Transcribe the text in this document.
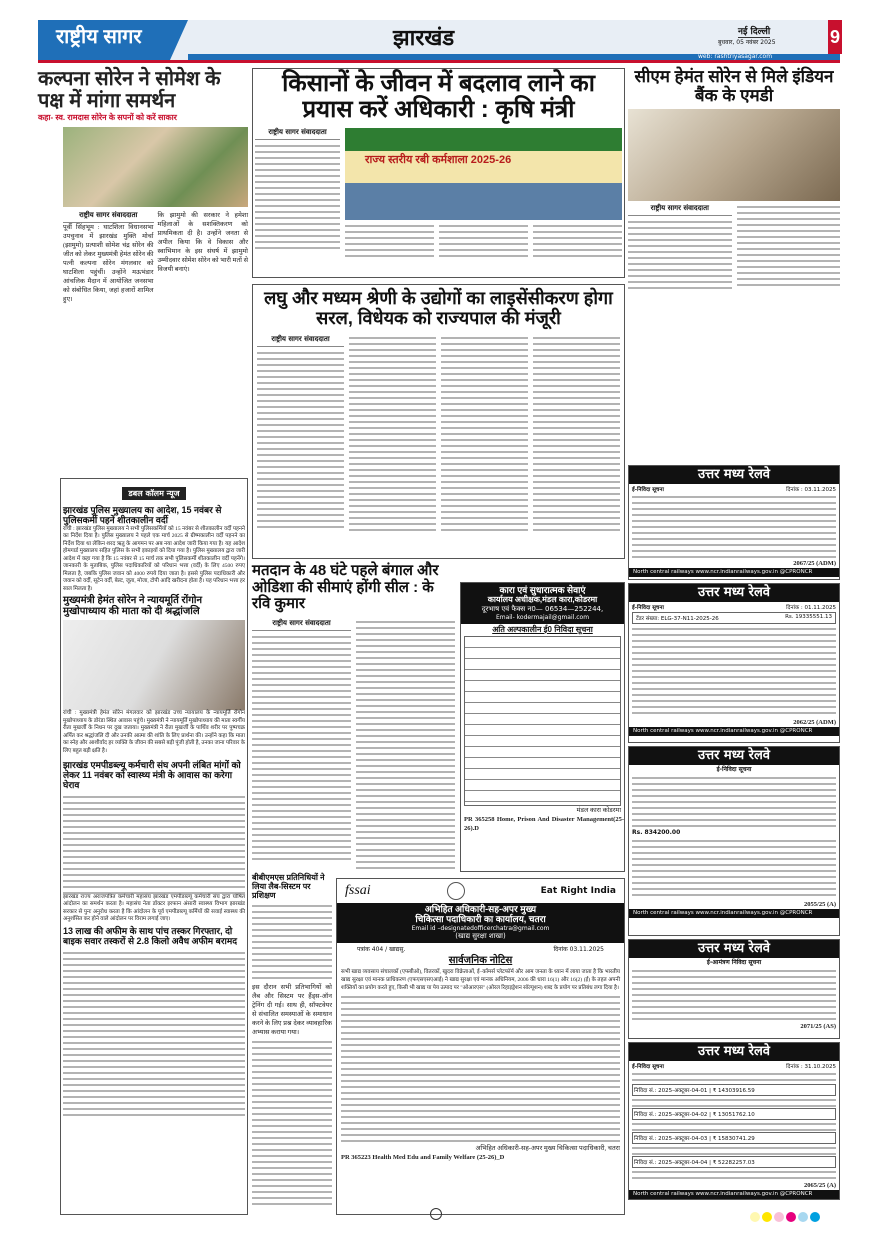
राष्ट्रीय सागर	झारखंड	नई दिल्ली
बुधवार, 05 नवंबर 2025
web: rashtriyasagar.com
9
कल्पना सोरेन ने सोमेश के पक्ष में मांगा समर्थन
कहा- स्व. रामदास सोरेन के सपनों को करें साकार
राष्ट्रीय सागर संवाददाता
पूर्वी सिंहभूम : घाटशिला विधानसभा उपचुनाव में झारखंड मुक्ति मोर्चा (झामुमो) प्रत्याशी सोमेश चंद्र सोरेन की जीत को लेकर मुख्यमंत्री हेमंत सोरेन की पत्नी कल्पना सोरेन मंगलवार को घाटशिला पहुंचीं। उन्होंने मऊभंडार आंचलिक मैदान में आयोजित जनसभा को संबोधित किया, जहां हजारों शामिल हुए।
कि झामुमो की सरकार ने हमेशा महिलाओं के सशक्तिकरण को प्राथमिकता दी है। उन्होंने जनता से अपील किया कि वे विकास और स्वाभिमान के इस संघर्ष में झामुमो उम्मीदवार सोमेश सोरेन को भारी मतों से विजयी बनाएं।
डबल कॉलम न्यूज
झारखंड पुलिस मुख्यालय का आदेश, 15 नवंबर से पुलिसकर्मी पहनें शीतकालीन वर्दी
रांची : झारखंड पुलिस मुख्यालय ने सभी पुलिसकर्मियों को 15 नवंबर से शीतकालीन वर्दी पहनने का निर्देश दिया है। पुलिस मुख्यालय ने पहले एक मार्च 2025 से ग्रीष्मकालीन वर्दी पहनने का निर्देश दिया था लेकिन शरद ऋतु के आगमन पर अब नया आदेश जारी किया गया है। यह आदेश होमगार्ड मुख्यालय सहित पुलिस के सभी इकाइयों को दिया गया है। पुलिस मुख्यालय द्वारा जारी आदेश में कहा गया है कि 15 नवंबर से 15 मार्च तक सभी पुलिसकर्मी शीतकालीन वर्दी पहनेंगे। जानकारी के मुताबिक, पुलिस पदाधिकारियों को परिधान भत्ता (वर्दी) के लिए 4500 रुपए मिलता है, जबकि पुलिस जवान को 4000 रुपये दिया जाता है। इससे पुलिस पदाधिकारी और जवान को वर्दी, सूटेन वर्दी, बेल्ट, जूता, मोजा, टोपी आदि खरीदना होता है। यह परिधान भत्ता हर साल मिलता है।
मुख्यमंत्री हेमंत सोरेन ने न्यायमूर्ति रोंगोन मुखोपाध्याय की माता को दी श्रद्धांजलि
रांची : मुख्यमंत्री हेमंत सोरेन मंगलवार को झारखंड उच्च न्यायालय के न्यायमूर्ति रोंगोन मुखोपाध्याय के डोरंडा स्थित आवास पहुंचे। मुख्यमंत्री ने न्यायमूर्ति मुखोपाध्याय की माता स्वर्गीय रीता मुखर्जी के निधन पर दुख जताया। मुख्यमंत्री ने रीता मुखर्जी के पार्थिव शरीर पर पुष्पचक्र अर्पित कर श्रद्धांजलि दी और उनकी आत्मा की शांति के लिए प्रार्थना की। उन्होंने कहा कि माता का स्नेह और आशीर्वाद हर व्यक्ति के जीवन की सबसे बड़ी पूंजी होती है, उनका जाना परिवार के लिए बहुत बड़ी क्षति है।
झारखंड एमपीडब्ल्यू कर्मचारी संघ अपनी लंबित मांगों को लेकर 11 नवंबर को स्वास्थ्य मंत्री के आवास का करेगा घेराव
झारखंड राज्य अराजपत्रित कर्मचारी महासंघ झारखंड एमपीडब्ल्यू कर्मचारी संघ द्वारा घोषित आंदोलन का समर्थन करता है। महासंघ नेता डॉक्टर इरफान अंसारी स्वास्थ्य विभाग झारखंड सरकार से पुनः अनुरोध करता है कि आंदोलन के पूर्व एमपीडब्ल्यू कर्मियों की सवाई स्वास्थ्य की अनुशंसित कर होने वाले आंदोलन पर विराम लगाई जाए।
13 लाख की अफीम के साथ पांच तस्कर गिरफ्तार, दो बाइक सवार तस्करों से 2.8 किलो अवैध अफीम बरामद
किसानों के जीवन में बदलाव लाने का प्रयास करें अधिकारी : कृषि मंत्री
राष्ट्रीय सागर संवाददाता
राज्य स्तरीय रबी कर्मशाला 2025-26
लघु और मध्यम श्रेणी के उद्योगों का लाइसेंसीकरण होगा सरल, विधेयक को राज्यपाल की मंजूरी
राष्ट्रीय सागर संवाददाता
मतदान के 48 घंटे पहले बंगाल और ओडिशा की सीमाएं होंगी सील : के रवि कुमार
राष्ट्रीय सागर संवाददाता
कारा एवं सुधारात्मक सेवाएं
कार्यालय अधीक्षक,मंडल कारा,कोडरमा
दूरभाष एवं फैक्स न0— 06534—252244,
Email- kodermajail@gmail.com
अति अल्पकालीन ई0 निविदा सूचना
मंडल कारा कोडरमा
PR 365258 Home, Prison And Disaster Management(25-26).D
बीबीएमएस प्रतिनिधियों ने लिया लैब-सिस्टम पर प्रशिक्षण
इस दौरान सभी प्रतिभागियों को लैब और सिस्टम पर हैंड्स-ऑन ट्रेनिंग दी गई। साथ ही, सॉफ्टवेयर से संचालित समस्याओं के समाधान करने के लिए प्रश्न देकर व्यावहारिक अभ्यास कराया गया।
fssai	Eat Right India
अभिहित अधिकारी-सह-अपर मुख्य
चिकित्सा पदाधिकारी का कार्यालय, चतरा
Email id –designatedofficerchatra@gmail.com
(खाद्य सुरक्षा शाखा)
पत्रांक 404 / खाद्यसु.	दिनांक 03.11.2025
सार्वजनिक नोटिस
सभी खाद्य व्यवसाय संचालकों (एफबीओ), वितरकों, खुदरा विक्रेताओं, ई–कॉमर्स प्लेटफॉर्म और आम जनता के ध्यान में लाया जाता है कि भारतीय खाद्य सुरक्षा एवं मानक प्राधिकरण (एफएसएसएआई) ने खाद्य सुरक्षा एवं मानक अधिनियम, 2006 की धारा 16(1) और 16(2) (ई) के तहत अपनी शक्तियों का प्रयोग करते हुए, किसी भी खाद्य या पेय उत्पाद पर "ओआरएस" (ओरल रिहाइड्रेशन सॉल्यूशन) शब्द के प्रयोग पर प्रतिबंध लगा दिया है।
अभिहित अधिकारी-सह-अपर मुख्य चिकित्सा पदाधिकारी, चतरा
PR 365223 Health Med Edu and Family Welfare (25-26)_D
सीएम हेमंत सोरेन से मिले इंडियन बैंक के एमडी
राष्ट्रीय सागर संवाददाता
उत्तर मध्य रेलवे
ई-निविदा सूचना	दिनांक : 03.11.2025
2067/25 (ADM)
North central railways www.ncr.indianrailways.gov.in @CPRONCR
उत्तर मध्य रेलवे
ई-निविदा सूचना	दिनांक : 01.11.2025
टेंडर संख्या: ELG-37-N11-2025-26	Rs. 19335551.13
2062/25 (ADM)
North central railways www.ncr.indianrailways.gov.in @CPRONCR
उत्तर मध्य रेलवे
ई-निविदा सूचना
Rs. 834200.00
2055/25 (A)
North central railways www.ncr.indianrailways.gov.in @CPRONCR
उत्तर मध्य रेलवे
ई-आमंत्रण निविदा सूचना
2071/25 (AS)
उत्तर मध्य रेलवे
ई-निविदा सूचना	दिनांक : 31.10.2025
निविदा सं.: 2025-अक्टूबर-04-01 | ₹ 14303916.59
निविदा सं.: 2025-अक्टूबर-04-02 | ₹ 13051762.10
निविदा सं.: 2025-अक्टूबर-04-03 | ₹ 15830741.29
निविदा सं.: 2025-अक्टूबर-04-04 | ₹ 52282257.03
2065/25 (A)
North central railways www.ncr.indianrailways.gov.in @CPRONCR
